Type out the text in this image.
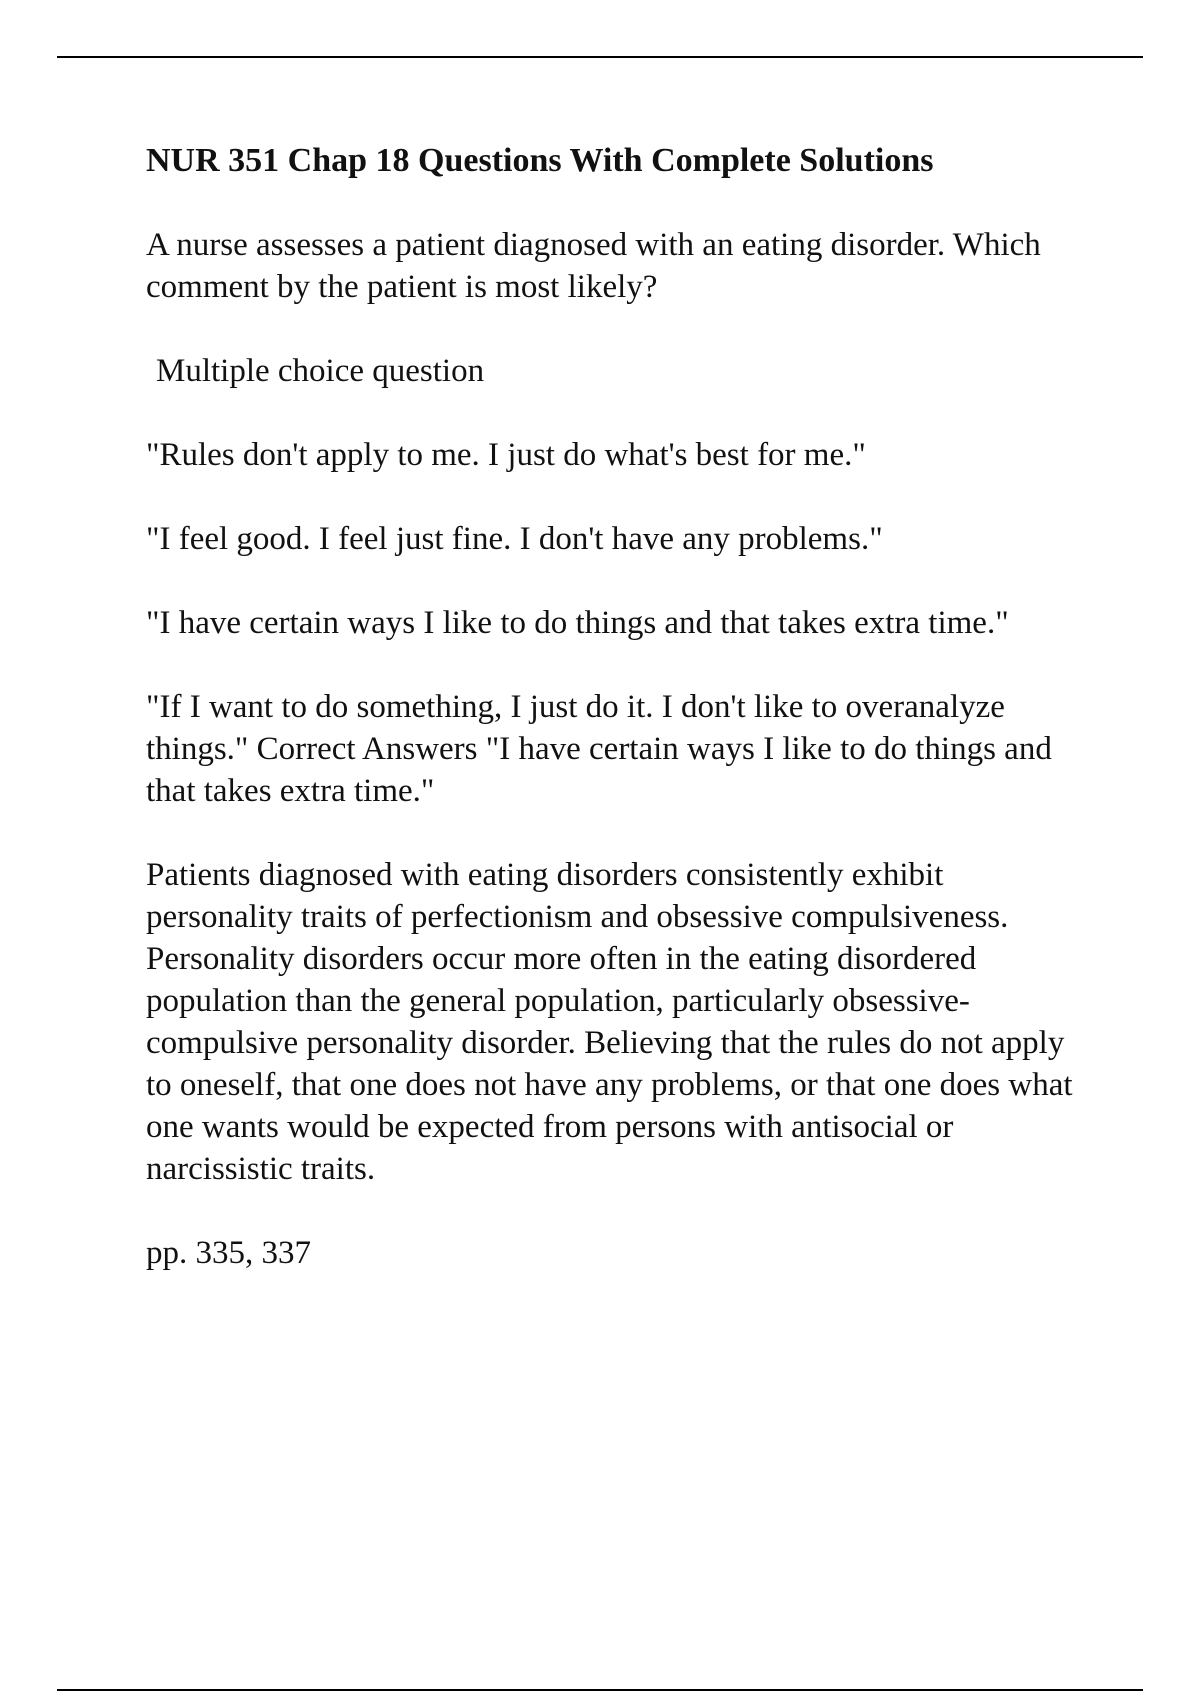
NUR 351 Chap 18 Questions With Complete Solutions

A nurse assesses a patient diagnosed with an eating disorder. Which comment by the patient is most likely?

Multiple choice question

"Rules don't apply to me. I just do what's best for me."

"I feel good. I feel just fine. I don't have any problems."

"I have certain ways I like to do things and that takes extra time."

"If I want to do something, I just do it. I don't like to overanalyze things." Correct Answers "I have certain ways I like to do things and that takes extra time."

Patients diagnosed with eating disorders consistently exhibit personality traits of perfectionism and obsessive compulsiveness. Personality disorders occur more often in the eating disordered population than the general population, particularly obsessive-compulsive personality disorder. Believing that the rules do not apply to oneself, that one does not have any problems, or that one does what one wants would be expected from persons with antisocial or narcissistic traits.

pp. 335, 337
